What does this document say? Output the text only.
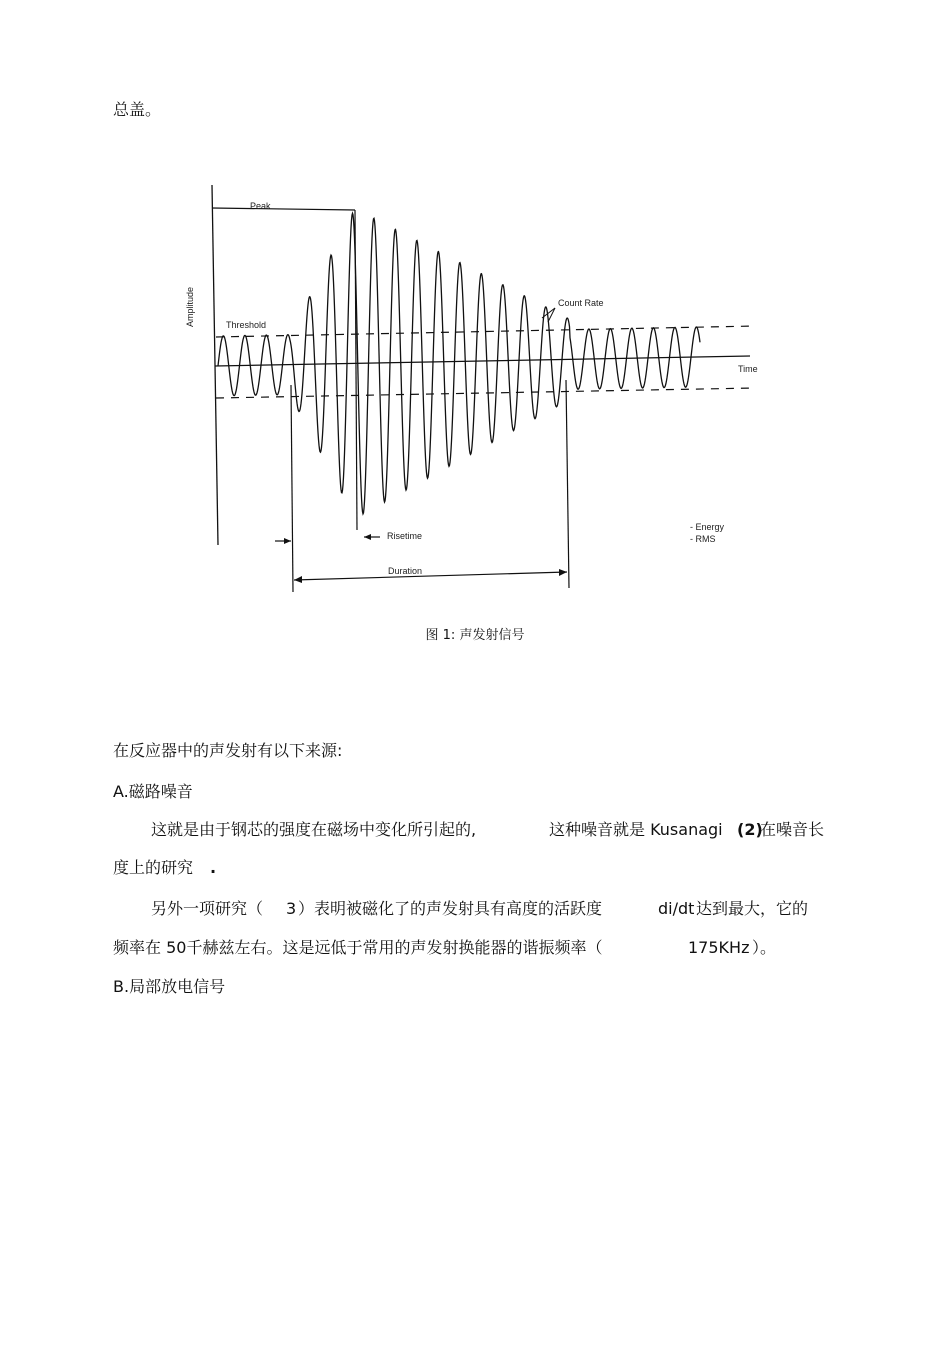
总盖。
Peak
Amplitude	Threshold
Count Rate
Time
- Energy
- RMS
Risetime
Duration
图 1: 声发射信号
在反应器中的声发射有以下来源:
A.磁路噪音
这就是由于钢芯的强度在磁场中变化所引起的,	这种噪音就是 Kusanagi (2)
在噪音长
度上的研究 .
另外一项研究（ 3 ）表明被磁化了的声发射具有高度的活跃度	di/dt 达到最大，它的
频率在 50千赫兹左右。这是远低于常用的声发射换能器的谐振频率（	175KHz ）。
B.局部放电信号
